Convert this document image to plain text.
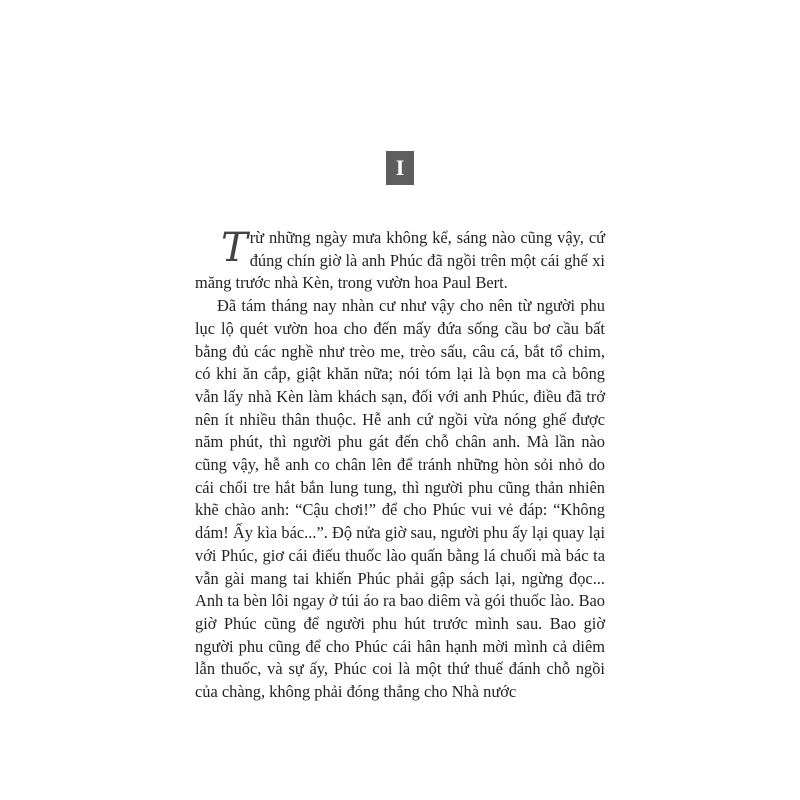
I

Trừ những ngày mưa không kể, sáng nào cũng vậy, cứ đúng chín giờ là anh Phúc đã ngồi trên một cái ghế xi măng trước nhà Kèn, trong vườn hoa Paul Bert.

Đã tám tháng nay nhàn cư như vậy cho nên từ người phu lục lộ quét vườn hoa cho đến mấy đứa sống cầu bơ cầu bất bằng đủ các nghề như trèo me, trèo sấu, câu cá, bắt tổ chim, có khi ăn cắp, giật khăn nữa; nói tóm lại là bọn ma cà bông vẫn lấy nhà Kèn làm khách sạn, đối với anh Phúc, điều đã trở nên ít nhiều thân thuộc. Hễ anh cứ ngồi vừa nóng ghế được năm phút, thì người phu gát đến chỗ chân anh. Mà lần nào cũng vậy, hễ anh co chân lên để tránh những hòn sỏi nhỏ do cái chổi tre hắt bắn lung tung, thì người phu cũng thản nhiên khẽ chào anh: “Cậu chơi!” để cho Phúc vui vẻ đáp: “Không dám! Ấy kìa bác...”. Độ nửa giờ sau, người phu ấy lại quay lại với Phúc, giơ cái điếu thuốc lào quấn bằng lá chuối mà bác ta vẫn gài mang tai khiến Phúc phải gập sách lại, ngừng đọc... Anh ta bèn lôi ngay ở túi áo ra bao diêm và gói thuốc lào. Bao giờ Phúc cũng để người phu hút trước mình sau. Bao giờ người phu cũng để cho Phúc cái hân hạnh mời mình cả diêm lẫn thuốc, và sự ấy, Phúc coi là một thứ thuế đánh chỗ ngồi của chàng, không phải đóng thẳng cho Nhà nước
